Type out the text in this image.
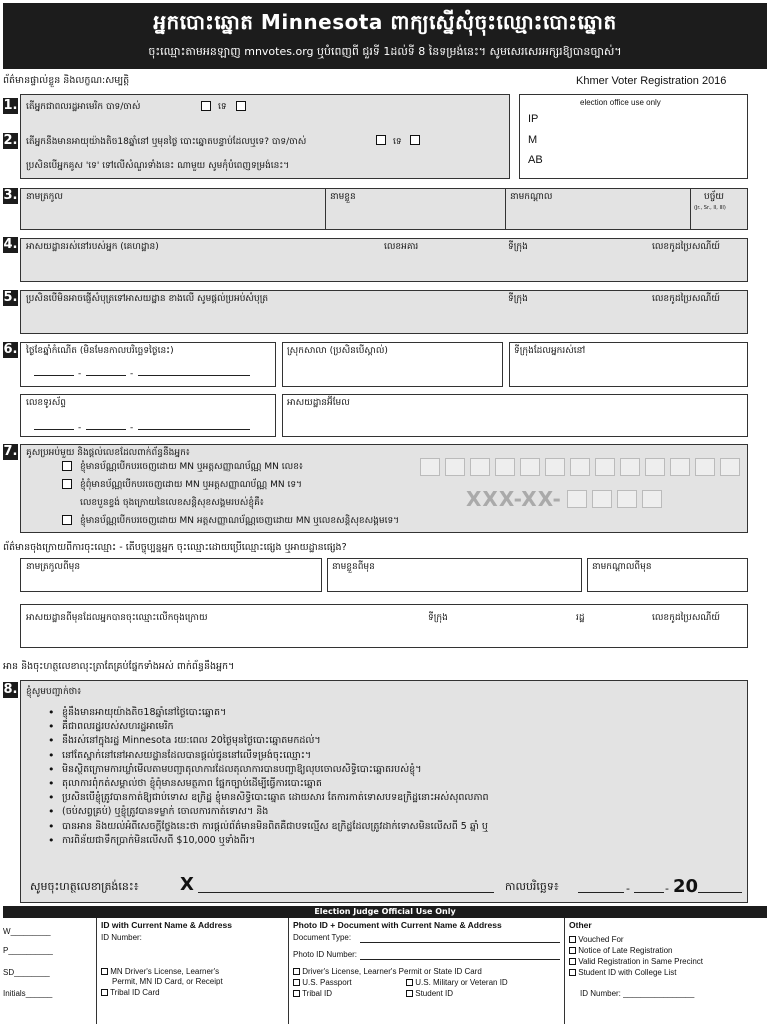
អ្នកបោះឆ្នោត Minnesota ពាក្យស្នើសុំចុះឈ្មោះបោះឆ្នោត
ចុះឈ្មោះតាមអនឡាញ mnvotes.org ឬបំពេញពី ជួរទី 1ដល់ទី 8 នៃទម្រង់នេះ។ សូមសេរសេរអក្សរឱ្យបានច្បាស់។
ព័ត៌មានផ្ទាល់ខ្លួន និងលក្ខណ:សម្បត្តិ	Khmer Voter Registration 2016
1. តើអ្នកជាពលរដ្ឋអាមេរិក បាទ/ចាស់	ទេ
2. តើអ្នកនឹងមានអាយុយ៉ាងតិច18ឆ្នាំនៅ ឬមុនថ្ងៃ បោះឆ្នោតបន្ទាប់ដែលឬទេ? បាទ/ចាស់	ទេ
ប្រសិនបើអ្នកគូស 'ទេ' ទៅលើសំណួរទាំងនេះ ណាមួយ សូមកុំបំពេញទម្រង់នេះ។
election office use only
IP
M
AB
3. នាមត្រកូល	នាមខ្លួន	នាមកណ្តាល	បច្ច័យ
(Jr., Sr., II, III)
4. អាសយដ្ឋានរស់នៅរបស់អ្នក (គេហដ្ឋាន)	លេខអគារ	ទីក្រុង	លេខកូដប្រៃសណីយ៍
5. ប្រសិនបើមិនអាចផ្ញើសំបុត្រទៅអាសយដ្ឋាន ខាងលើ សូមផ្តល់ប្រអប់សំបុត្រ	ទីក្រុង	លេខកូដប្រៃសណីយ៍
6. ថ្ងៃខែឆ្នាំកំណើត (មិនមែនកាលបរិច្ឆេទថ្ងៃនេះ)
-	-
ស្រុកសាលា (ប្រសិនបើស្គាល់)	ទីក្រុងដែលអ្នករស់នៅ
លេខទូរស័ព្ទ
-	-
អាសយដ្ឋានអ៊ីមែល
7. គូសប្រអប់មួយ និងផ្តល់លេខដែលពាក់ព័ន្ធនឹងអ្នក៖
ខ្ញុំមានប័ណ្ណបើកបរចេញដោយ MN ឬអត្តសញ្ញាណប័ណ្ណ MN លេខ៖
ខ្ញុំពុំមានប័ណ្ណបើកបរចេញដោយ MN ឬអត្តសញ្ញាណប័ណ្ណ MN ទេ។
លេខបួនខ្ទង់ ចុងក្រោយនៃលេខសន្តិសុខសង្គមរបស់ខ្ញុំគឺ៖
ខ្ញុំមានប័ណ្ណបើកបរចេញដោយ MN អត្តសញ្ញាណប័ណ្ណចេញដោយ MN ឬលេខសន្តិសុខសង្គមទេ។
XXX-XX-
ព័ត៌មានចុងក្រោយពីការចុះឈ្មោះ - តើបច្ចុប្បន្នអ្នក ចុះឈ្មោះដោយប្រើឈ្មោះផ្សេង ឬអាយដ្ឋានផ្សេង?
នាមត្រកូលពីមុន	នាមខ្លួនពីមុន	នាមកណ្តាលពីមុន
អាសយដ្ឋានពីមុនដែលអ្នកបានចុះឈ្មោះលើកចុងក្រោយ	ទីក្រុង	រដ្ឋ	លេខកូដប្រៃសណីយ៍
អាន និងចុះហត្ថលេខាលុះត្រាតែគ្រប់ផ្នែកទាំងអស់ ពាក់ព័ន្ធនឹងអ្នក។
8. ខ្ញុំសូមបញ្ជាក់ថា៖
• ខ្ញុំនឹងមានអាយុយ៉ាងតិច18ឆ្នាំនៅថ្ងៃបោះឆ្នោត។
• គឺជាពលរដ្ឋរបស់សហរដ្ឋអាមេរិក
• នឹងរស់នៅក្នុងរដ្ឋ Minnesota រយ:ពេល 20ថ្ងៃមុនថ្ងៃបោះឆ្នោតមកដល់។
• នៅតែស្នាក់នៅនៅអាសយដ្ឋានដែលបានផ្តល់ជូននៅលើទម្រង់ចុះឈ្មោះ។
• មិនស្ថិតក្រោមការឃ្លាំមើលតាមបញ្ជាតុលាការដែលតុលាការបានបញ្ជាឱ្យលុបចោលសិទ្ធិបោះឆ្នោតរបស់ខ្ញុំ។
• តុលាការពុំកត់សម្គាល់ថា ខ្ញុំពុំមានសមត្ថភាព ផ្នែកច្បាប់ដើម្បីធ្វើការបោះឆ្នោត
• ប្រសិនបើខ្ញុំត្រូវបានកាត់ឱ្យជាប់ទោស ឧក្រិដ្ឋ ខ្ញុំមានសិទ្ធិបោះឆ្នោត ដោយសារ តែការកាត់ទោសបទឧក្រិដ្ឋនោះអស់សុពលភាព
• (ចប់សព្វគ្រប់) ឬខ្ញុំត្រូវបានទម្លាក់ ចោលការកាត់ទោស។ និង
• បានអាន និងយល់អំពីសេចក្តីថ្លែងនេះថា ការផ្តល់ព័ត៌មានមិនពិតគឺជាបទល្មើស ឧក្រិដ្ឋដែលត្រូវដាក់ទោសមិនលើសពី 5 ឆ្នាំ ឬ
• ការពិន័យជាទឹកប្រាក់មិនលើសពី $10,000 ឬទាំងពីរ។
សូមចុះហត្ថលេខាត្រង់នេះ៖ X	កាលបរិច្ឆេទ៖	-	- 20
Election Judge Official Use Only
W_________
P__________
SD________
Initials______
ID with Current Name & Address
ID Number:
MN Driver's License, Learner's
Permit, MN ID Card, or Receipt
Tribal ID Card
Photo ID + Document with Current Name & Address
Document Type:
Photo ID Number:
Driver's License, Learner's Permit or State ID Card
U.S. Passport	U.S. Military or Veteran ID
Tribal ID	Student ID
Other
Vouched For
Notice of Late Registration
Valid Registration in Same Precinct
Student ID with College List
ID Number: ________________
